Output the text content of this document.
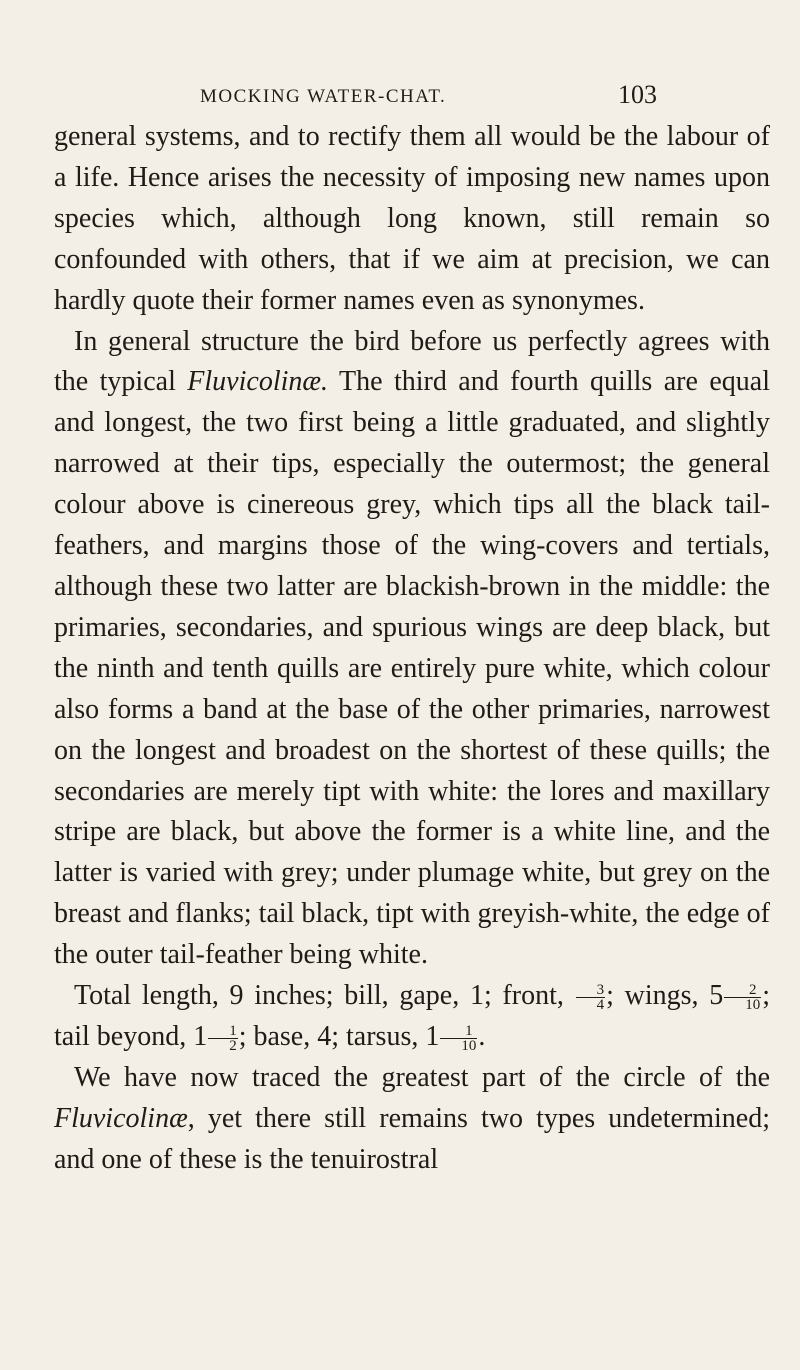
MOCKING WATER-CHAT.	103

general systems, and to rectify them all would be the labour of a life. Hence arises the necessity of imposing new names upon species which, although long known, still remain so confounded with others, that if we aim at precision, we can hardly quote their former names even as synonymes.

In general structure the bird before us perfectly agrees with the typical Fluvicolinæ. The third and fourth quills are equal and longest, the two first being a little graduated, and slightly narrowed at their tips, especially the outermost; the general colour above is cinereous grey, which tips all the black tail-feathers, and margins those of the wing-covers and tertials, although these two latter are blackish-brown in the middle: the primaries, secondaries, and spurious wings are deep black, but the ninth and tenth quills are entirely pure white, which colour also forms a band at the base of the other primaries, narrowest on the longest and broadest on the shortest of these quills; the secondaries are merely tipt with white: the lores and maxillary stripe are black, but above the former is a white line, and the latter is varied with grey; under plumage white, but grey on the breast and flanks; tail black, tipt with greyish-white, the edge of the outer tail-feather being white.

Total length, 9 inches; bill, gape, 1; front, $\frac{3}{4}$ ; wings, $5 \frac{2}{10}$ ; tail beyond, $1 \frac{1}{2}$ ; base, 4; tarsus, $1 \frac{1}{10}$ .

We have now traced the greatest part of the circle of the Fluvicolinæ, yet there still remains two types undetermined; and one of these is the tenuirostral
